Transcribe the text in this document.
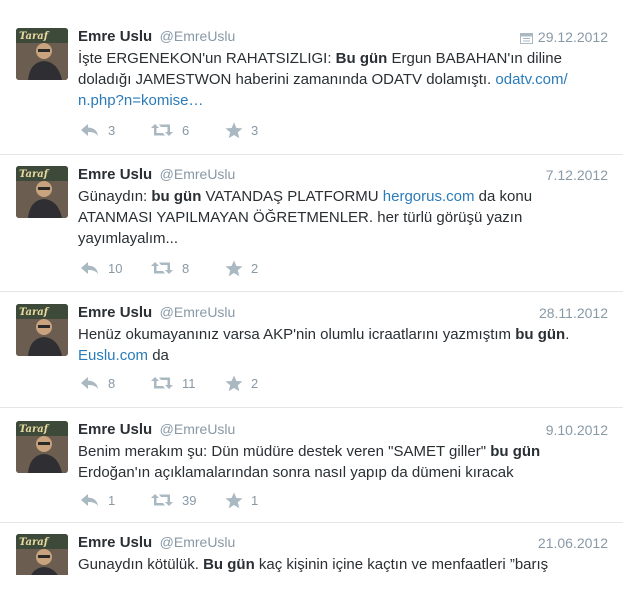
Taraf Emre Uslu @EmreUslu	29.12.2012
İşte ERGENEKON'un RAHATSIZLIGI: Bu gün Ergun BABAHAN'ın diline doladığı JAMESTWON haberini zamanında ODATV dolamıştı. odatv.com/ n.php?n=komise…
3	6	3
Taraf Emre Uslu @EmreUslu	7.12.2012
Günaydın: bu gün VATANDAŞ PLATFORMU hergorus.com da konu ATANMASI YAPILMAYAN ÖĞRETMENLER. her türlü görüşü yazın yayımlayalım...
10	8	2
Taraf Emre Uslu @EmreUslu	28.11.2012
Henüz okumayanınız varsa AKP'nin olumlu icraatlarını yazmıştım bu gün. Euslu.com da
8	11	2
Taraf Emre Uslu @EmreUslu	9.10.2012
Benim merakım şu: Dün müdüre destek veren "SAMET giller" bu gün Erdoğan'ın açıklamalarından sonra nasıl yapıp da dümeni kıracak
1	39	1
Taraf Emre Uslu @EmreUslu	21.06.2012
Gunaydın kötülük. Bu gün kaç kişinin içine kaçtın ve menfaatleri ”barış
